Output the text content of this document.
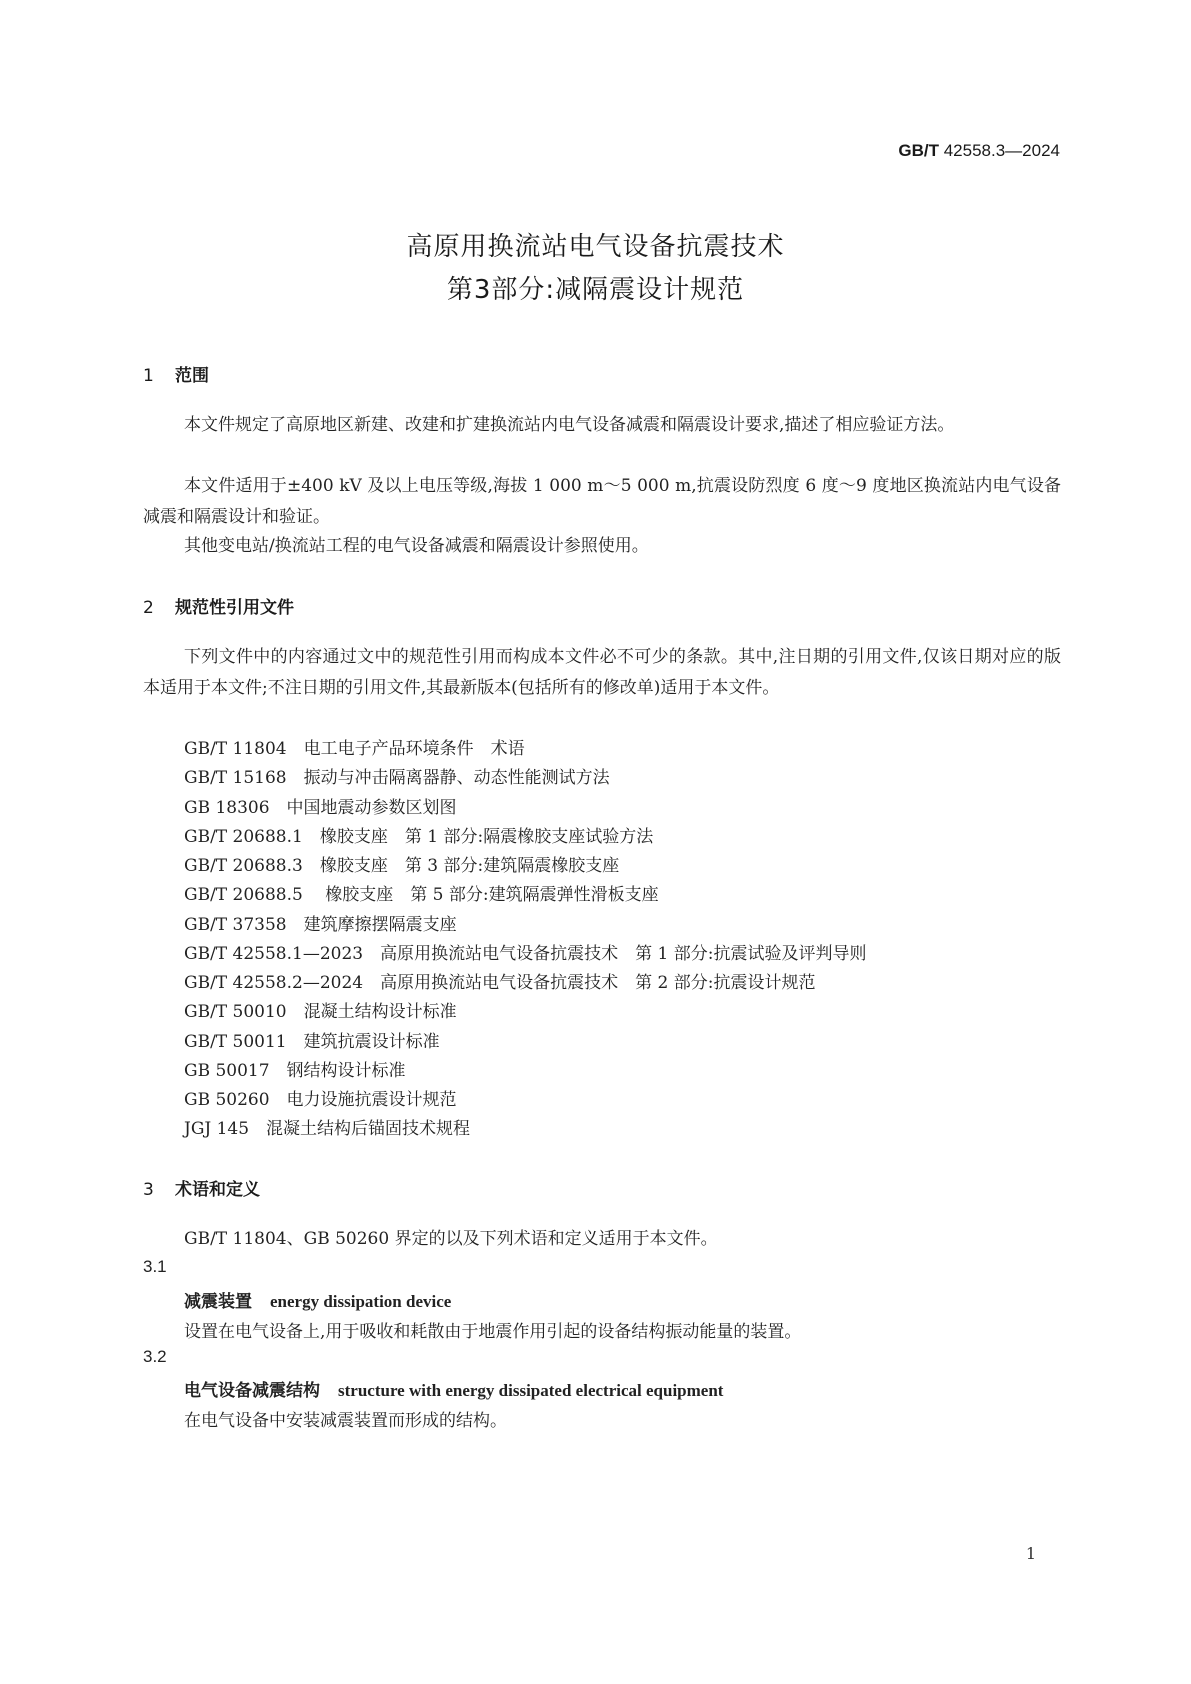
GB/T 42558.3—2024
高原用换流站电气设备抗震技术
第3部分:减隔震设计规范
1 范围
本文件规定了高原地区新建、改建和扩建换流站内电气设备减震和隔震设计要求,描述了相应验证方法。
本文件适用于±400 kV 及以上电压等级,海拔 1 000 m～5 000 m,抗震设防烈度 6 度～9 度地区换流站内电气设备减震和隔震设计和验证。
其他变电站/换流站工程的电气设备减震和隔震设计参照使用。
2 规范性引用文件
下列文件中的内容通过文中的规范性引用而构成本文件必不可少的条款。其中,注日期的引用文件,仅该日期对应的版本适用于本文件;不注日期的引用文件,其最新版本(包括所有的修改单)适用于本文件。
GB/T 11804　电工电子产品环境条件　术语
GB/T 15168　振动与冲击隔离器静、动态性能测试方法
GB 18306　中国地震动参数区划图
GB/T 20688.1　橡胶支座　第 1 部分:隔震橡胶支座试验方法
GB/T 20688.3　橡胶支座　第 3 部分:建筑隔震橡胶支座
GB/T 20688.5　 橡胶支座　第 5 部分:建筑隔震弹性滑板支座
GB/T 37358　建筑摩擦摆隔震支座
GB/T 42558.1—2023　高原用换流站电气设备抗震技术　第 1 部分:抗震试验及评判导则
GB/T 42558.2—2024　高原用换流站电气设备抗震技术　第 2 部分:抗震设计规范
GB/T 50010　混凝土结构设计标准
GB/T 50011　建筑抗震设计标准
GB 50017　钢结构设计标准
GB 50260　电力设施抗震设计规范
JGJ 145　混凝土结构后锚固技术规程
3 术语和定义
GB/T 11804、GB 50260 界定的以及下列术语和定义适用于本文件。
3.1
减震装置 energy dissipation device
设置在电气设备上,用于吸收和耗散由于地震作用引起的设备结构振动能量的装置。
3.2
电气设备减震结构 structure with energy dissipated electrical equipment
在电气设备中安装减震装置而形成的结构。
1
